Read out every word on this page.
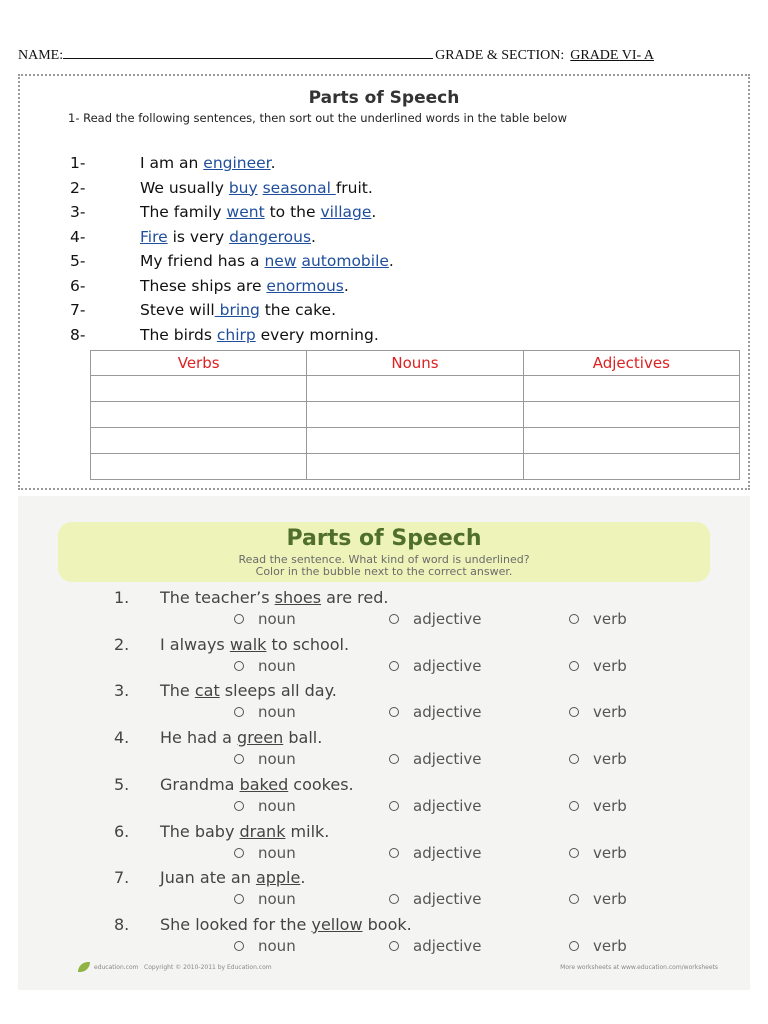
NAME:	GRADE & SECTION: GRADE VI- A
Parts of Speech
1- Read the following sentences, then sort out the underlined words in the table below
1-	I am an engineer.
2-	We usually buy seasonal fruit.
3-	The family went to the village.
4-	Fire is very dangerous.
5-	My friend has a new automobile.
6-	These ships are enormous.
7-	Steve will bring the cake.
8-	The birds chirp every morning.
Verbs	Nouns	Adjectives

Parts of Speech
Read the sentence. What kind of word is underlined?
Color in the bubble next to the correct answer.
1.	The teacher’s shoes are red.
noun	adjective	verb
2.	I always walk to school.
noun	adjective	verb
3.	The cat sleeps all day.
noun	adjective	verb
4.	He had a green ball.
noun	adjective	verb
5.	Grandma baked cookes.
noun	adjective	verb
6.	The baby drank milk.
noun	adjective	verb
7.	Juan ate an apple.
noun	adjective	verb
8.	She looked for the yellow book.
noun	adjective	verb
education.com Copyright © 2010-2011 by Education.com	More worksheets at www.education.com/worksheets
